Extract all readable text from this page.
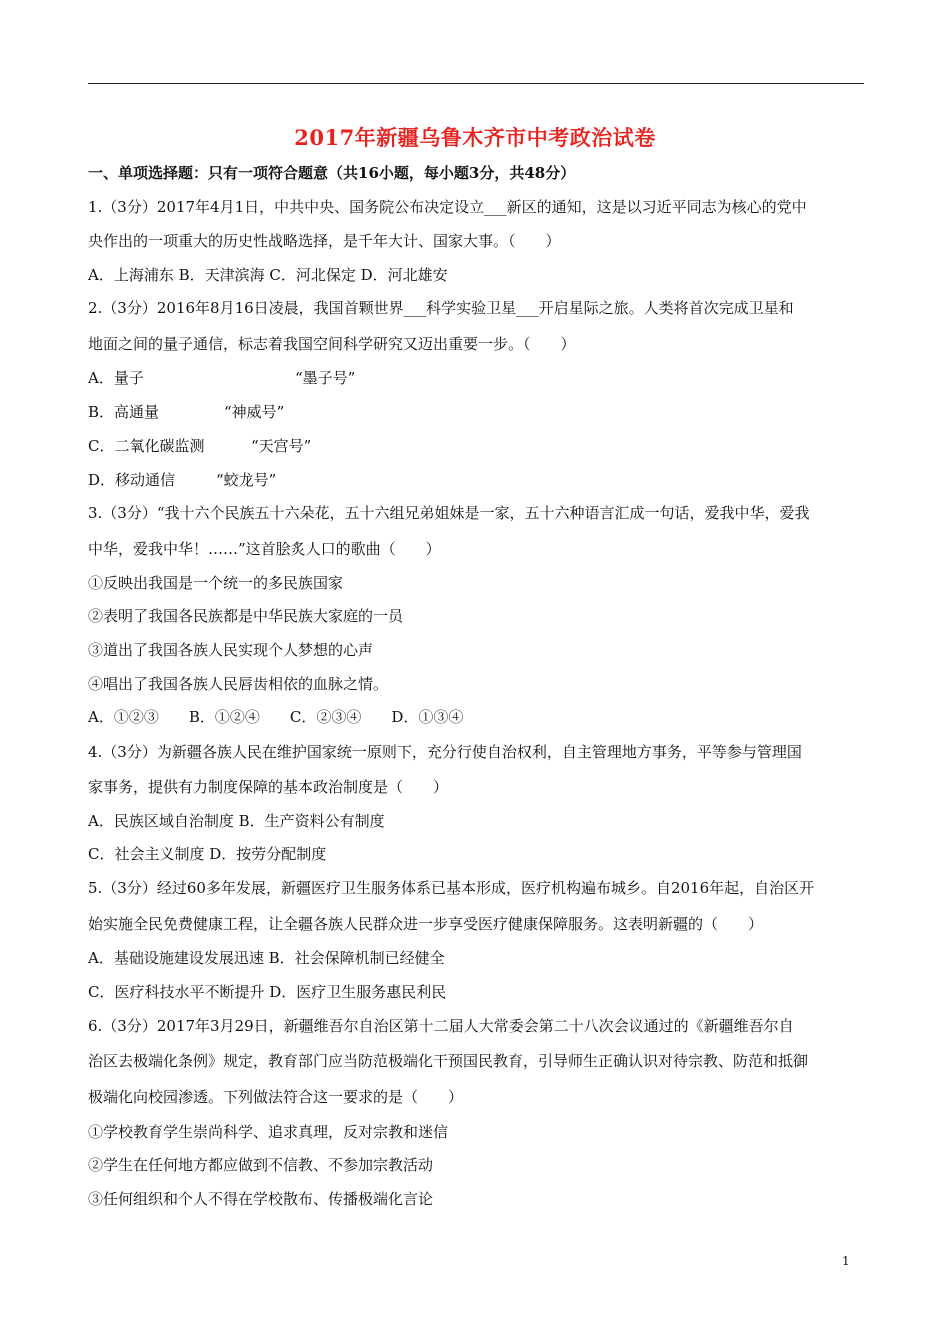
2017年新疆乌鲁木齐市中考政治试卷
一、单项选择题：只有一项符合题意（共16小题，每小题3分，共48分）
1.（3分）2017年4月1日，中共中央、国务院公布决定设立___新区的通知，这是以习近平同志为核心的党中
央作出的一项重大的历史性战略选择，是千年大计、国家大事。（　　）
A．上海浦东 B．天津滨海 C．河北保定 D．河北雄安
2.（3分）2016年8月16日凌晨，我国首颗世界___科学实验卫星___开启星际之旅。人类将首次完成卫星和
地面之间的量子通信，标志着我国空间科学研究又迈出重要一步。（　　）
A．量子	“墨子号”
B．高通量	“神威号”
C．二氧化碳监测	“天宫号”
D．移动通信	“蛟龙号”
3.（3分）“我十六个民族五十六朵花，五十六组兄弟姐妹是一家，五十六种语言汇成一句话，爱我中华，爱我
中华，爱我中华！……”这首脍炙人口的歌曲（　　）
①反映出我国是一个统一的多民族国家
②表明了我国各民族都是中华民族大家庭的一员
③道出了我国各族人民实现个人梦想的心声
④唱出了我国各族人民唇齿相依的血脉之情。
A．①②③　　B．①②④　　C．②③④　　D．①③④
4.（3分）为新疆各族人民在维护国家统一原则下，充分行使自治权利，自主管理地方事务，平等参与管理国
家事务，提供有力制度保障的基本政治制度是（　　）
A．民族区域自治制度 B．生产资料公有制度
C．社会主义制度 D．按劳分配制度
5.（3分）经过60多年发展，新疆医疗卫生服务体系已基本形成，医疗机构遍布城乡。自2016年起，自治区开
始实施全民免费健康工程，让全疆各族人民群众进一步享受医疗健康保障服务。这表明新疆的（　　）
A．基础设施建设发展迅速 B．社会保障机制已经健全
C．医疗科技水平不断提升 D．医疗卫生服务惠民利民
6.（3分）2017年3月29日，新疆维吾尔自治区第十二届人大常委会第二十八次会议通过的《新疆维吾尔自
治区去极端化条例》规定，教育部门应当防范极端化干预国民教育，引导师生正确认识对待宗教、防范和抵御
极端化向校园渗透。下列做法符合这一要求的是（　　）
①学校教育学生崇尚科学、追求真理，反对宗教和迷信
②学生在任何地方都应做到不信教、不参加宗教活动
③任何组织和个人不得在学校散布、传播极端化言论
1
